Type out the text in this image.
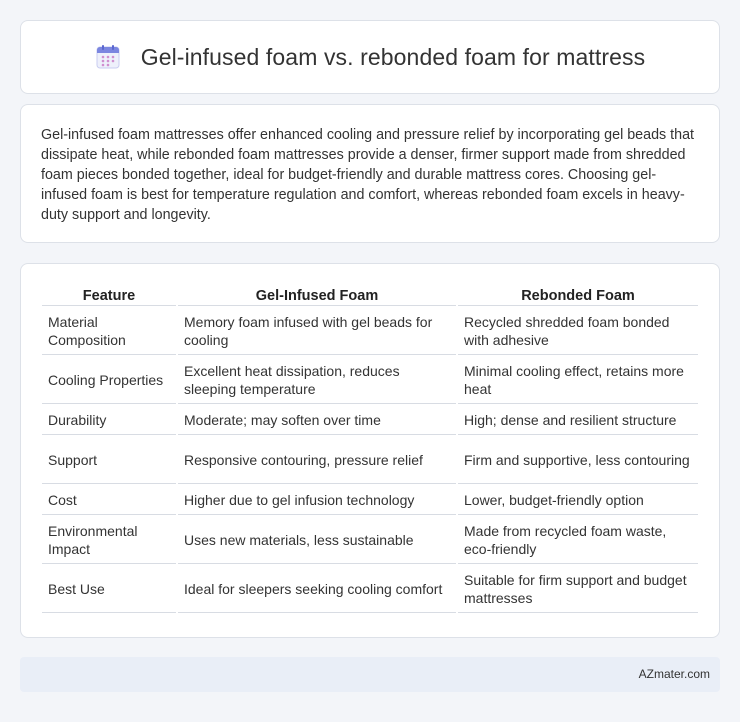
Gel-infused foam vs. rebonded foam for mattress

Gel-infused foam mattresses offer enhanced cooling and pressure relief by incorporating gel beads that dissipate heat, while rebonded foam mattresses provide a denser, firmer support made from shredded foam pieces bonded together, ideal for budget-friendly and durable mattress cores. Choosing gel-infused foam is best for temperature regulation and comfort, whereas rebonded foam excels in heavy-duty support and longevity.

Feature	Gel-Infused Foam	Rebonded Foam
Material Composition	Memory foam infused with gel beads for cooling	Recycled shredded foam bonded with adhesive
Cooling Properties	Excellent heat dissipation, reduces sleeping temperature	Minimal cooling effect, retains more heat
Durability	Moderate; may soften over time	High; dense and resilient structure
Support	Responsive contouring, pressure relief	Firm and supportive, less contouring
Cost	Higher due to gel infusion technology	Lower, budget-friendly option
Environmental Impact	Uses new materials, less sustainable	Made from recycled foam waste, eco-friendly
Best Use	Ideal for sleepers seeking cooling comfort	Suitable for firm support and budget mattresses
AZmater.com
